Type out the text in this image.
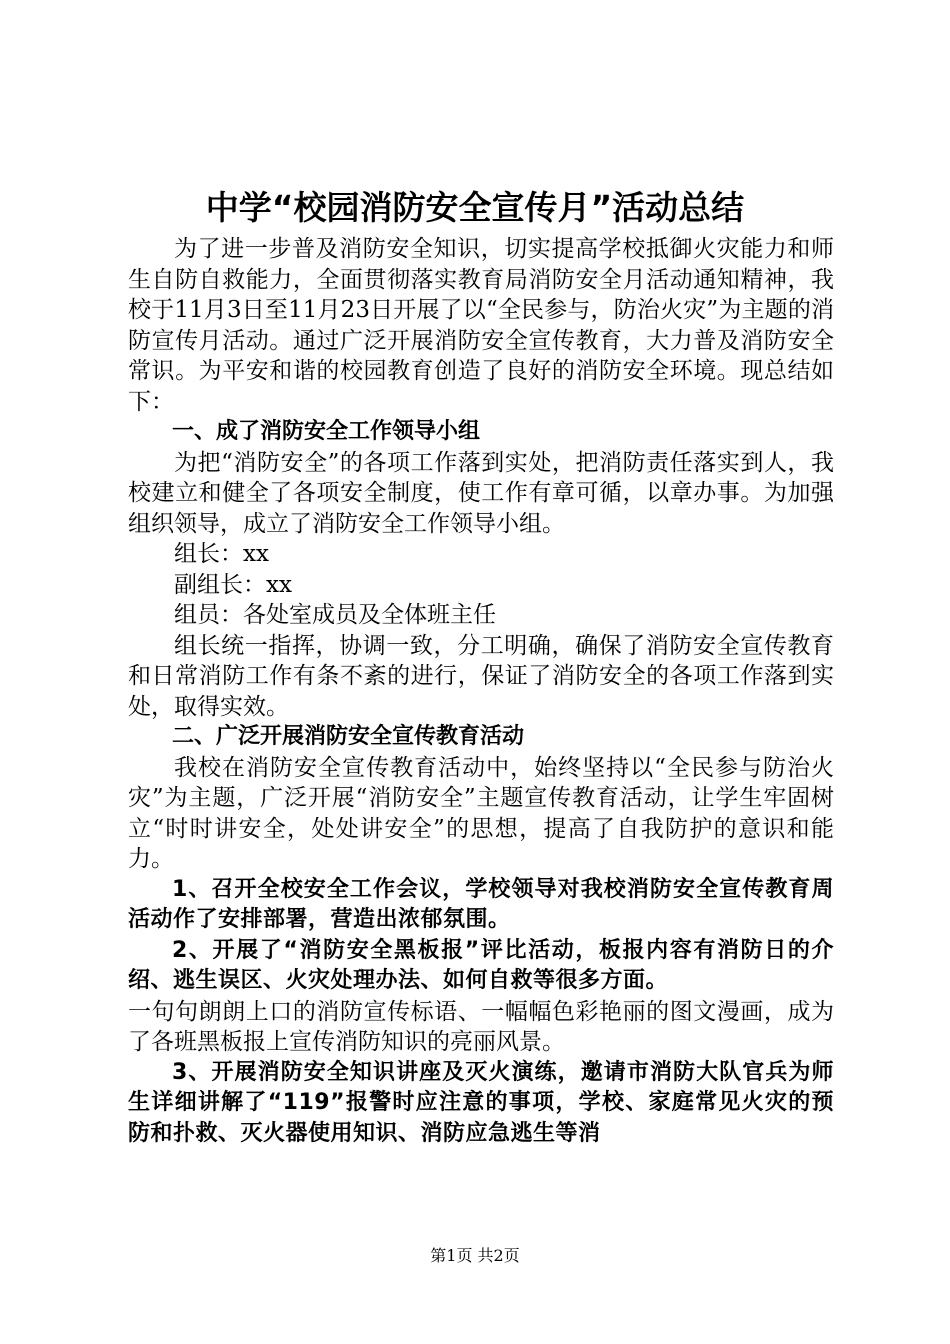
中学“校园消防安全宣传月”活动总结

为了进一步普及消防安全知识，切实提高学校抵御火灾能力和师生自防自救能力，全面贯彻落实教育局消防安全月活动通知精神，我校于11月3日至11月23日开展了以“全民参与，防治火灾”为主题的消防宣传月活动。通过广泛开展消防安全宣传教育，大力普及消防安全常识。为平安和谐的校园教育创造了良好的消防安全环境。现总结如下：

一、成了消防安全工作领导小组

为把“消防安全”的各项工作落到实处，把消防责任落实到人，我校建立和健全了各项安全制度，使工作有章可循，以章办事。为加强组织领导，成立了消防安全工作领导小组。

组长：xx

副组长：xx

组员：各处室成员及全体班主任

组长统一指挥，协调一致，分工明确，确保了消防安全宣传教育和日常消防工作有条不紊的进行，保证了消防安全的各项工作落到实处，取得实效。

二、广泛开展消防安全宣传教育活动

我校在消防安全宣传教育活动中，始终坚持以“全民参与防治火灾”为主题，广泛开展“消防安全”主题宣传教育活动，让学生牢固树立“时时讲安全，处处讲安全”的思想，提高了自我防护的意识和能力。

1、召开全校安全工作会议，学校领导对我校消防安全宣传教育周活动作了安排部署，营造出浓郁氛围。

2、开展了“消防安全黑板报”评比活动，板报内容有消防日的介绍、逃生误区、火灾处理办法、如何自救等很多方面。

一句句朗朗上口的消防宣传标语、一幅幅色彩艳丽的图文漫画，成为了各班黑板报上宣传消防知识的亮丽风景。

3、开展消防安全知识讲座及灭火演练，邀请市消防大队官兵为师生详细讲解了“119”报警时应注意的事项，学校、家庭常见火灾的预防和扑救、灭火器使用知识、消防应急逃生等消

第1页 共2页
